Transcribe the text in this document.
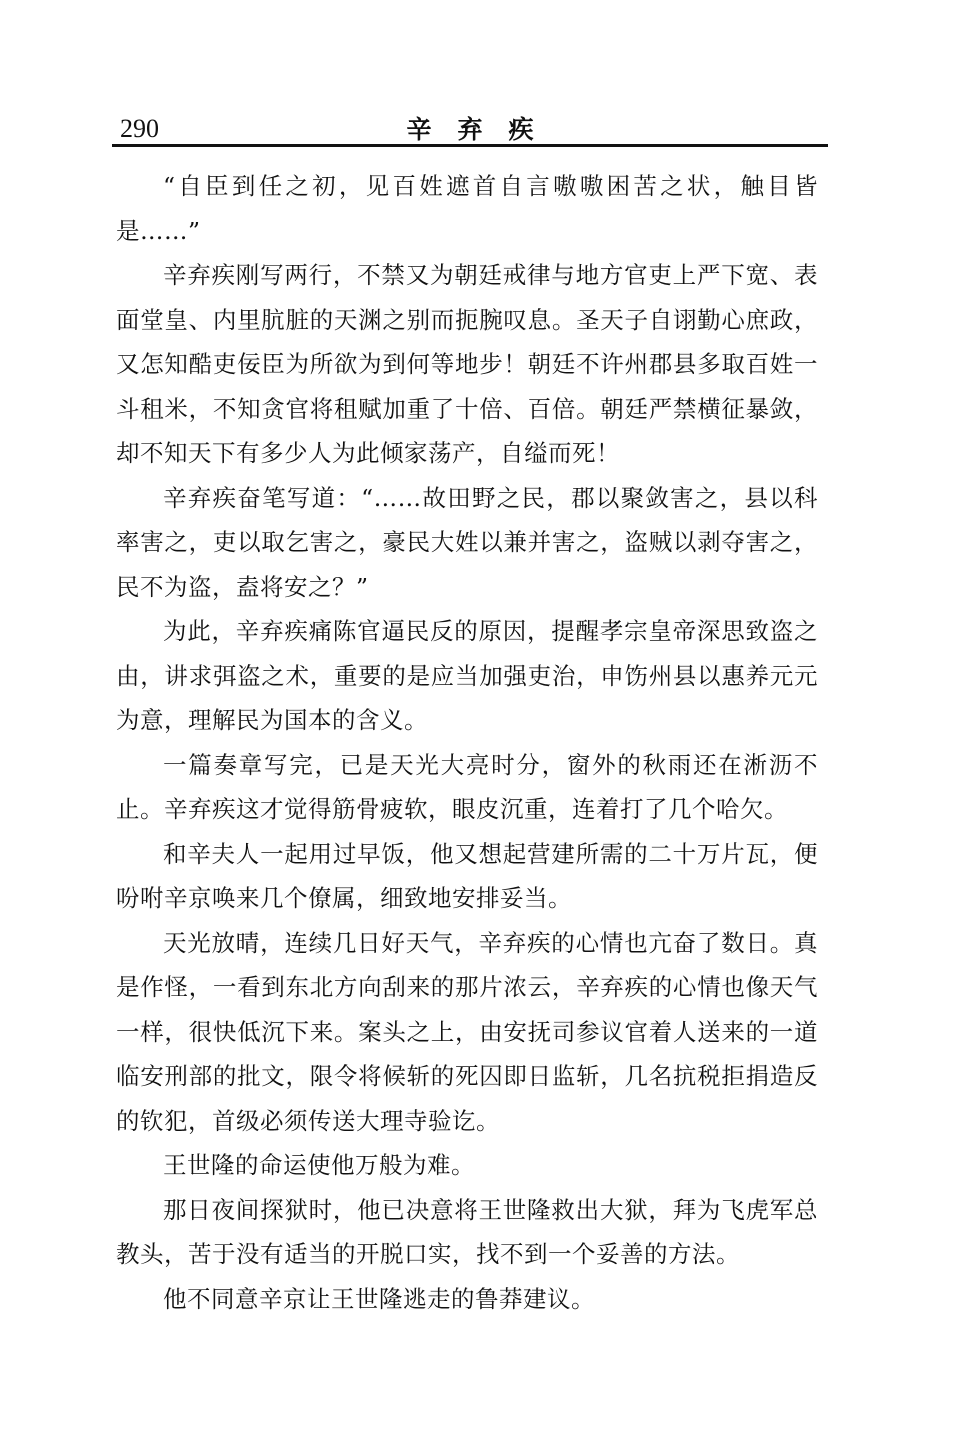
290	辛弃疾

“自臣到任之初，见百姓遮首自言嗷嗷困苦之状，触目皆是……”

辛弃疾刚写两行，不禁又为朝廷戒律与地方官吏上严下宽、表面堂皇、内里肮脏的天渊之别而扼腕叹息。圣天子自诩勤心庶政，又怎知酷吏佞臣为所欲为到何等地步！朝廷不许州郡县多取百姓一斗租米，不知贪官将租赋加重了十倍、百倍。朝廷严禁横征暴敛，却不知天下有多少人为此倾家荡产，自缢而死！

辛弃疾奋笔写道：“……故田野之民，郡以聚敛害之，县以科率害之，吏以取乞害之，豪民大姓以兼并害之，盗贼以剥夺害之，民不为盗，盍将安之？”

为此，辛弃疾痛陈官逼民反的原因，提醒孝宗皇帝深思致盗之由，讲求弭盗之术，重要的是应当加强吏治，申饬州县以惠养元元为意，理解民为国本的含义。

一篇奏章写完，已是天光大亮时分，窗外的秋雨还在淅沥不止。辛弃疾这才觉得筋骨疲软，眼皮沉重，连着打了几个哈欠。

和辛夫人一起用过早饭，他又想起营建所需的二十万片瓦，便吩咐辛京唤来几个僚属，细致地安排妥当。

天光放晴，连续几日好天气，辛弃疾的心情也亢奋了数日。真是作怪，一看到东北方向刮来的那片浓云，辛弃疾的心情也像天气一样，很快低沉下来。案头之上，由安抚司参议官着人送来的一道临安刑部的批文，限令将候斩的死囚即日监斩，几名抗税拒捐造反的钦犯，首级必须传送大理寺验讫。

王世隆的命运使他万般为难。

那日夜间探狱时，他已决意将王世隆救出大狱，拜为飞虎军总教头，苦于没有适当的开脱口实，找不到一个妥善的方法。

他不同意辛京让王世隆逃走的鲁莽建议。
